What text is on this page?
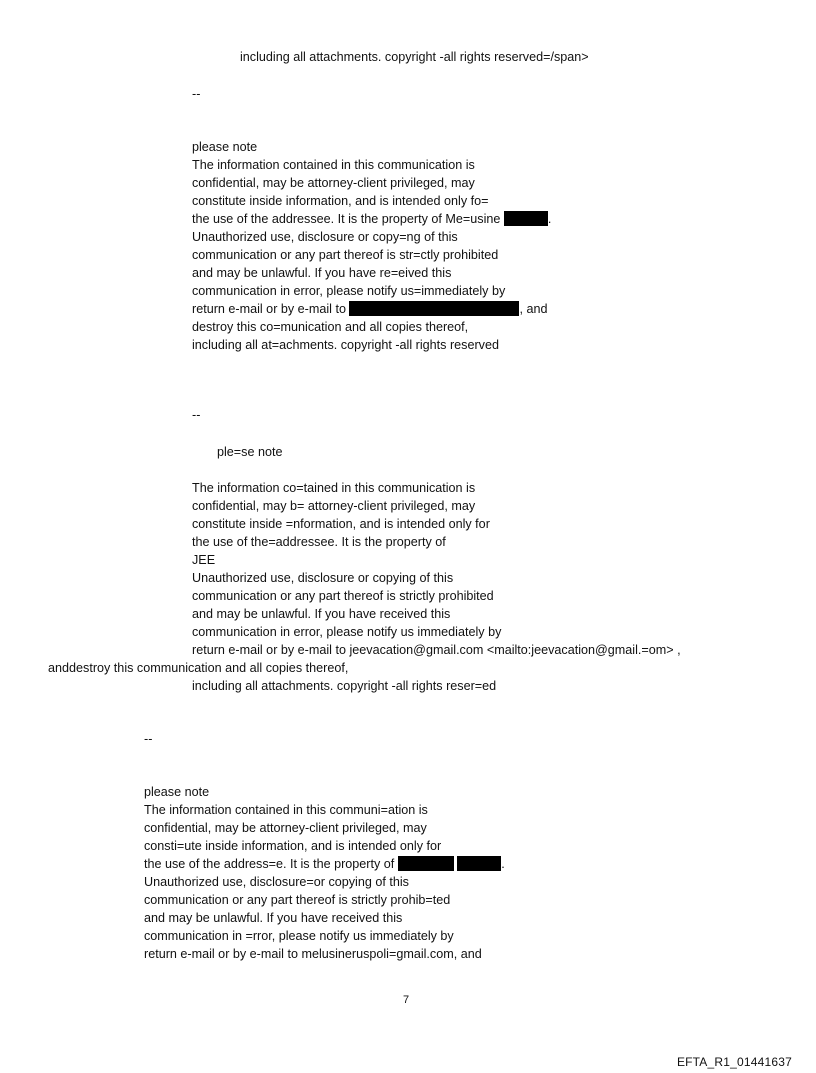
including all attachments. copyright -all rights reserved=/span>

--

please note

The information contained in this communication is

confidential, may be attorney-client privileged, may

constitute inside information, and is intended only fo=

the use of the addressee. It is the property of Me=usine	.

Unauthorized use, disclosure or copy=ng of this

communication or any part thereof is str=ctly prohibited

and may be unlawful. If you have re=eived this

communication in error, please notify us=immediately by

return e-mail or by e-mail to	, and

destroy this co=munication and all copies thereof,

including all at=achments. copyright -all rights reserved

--

ple=se note

The information co=tained in this communication is

confidential, may b= attorney-client privileged, may

constitute inside =nformation, and is intended only for

the use of the=addressee. It is the property of

JEE

Unauthorized use, disclosure or copying of this

communication or any part thereof is strictly prohibited

and may be unlawful. If you have received this

communication in error, please notify us immediately by

return e-mail or by e-mail to jeevacation@gmail.com <mailto:jeevacation@gmail.=om> ,

anddestroy this communication and all copies thereof,

including all attachments. copyright -all rights reser=ed

--

please note

The information contained in this communi=ation is

confidential, may be attorney-client privileged, may

consti=ute inside information, and is intended only for

the use of the address=e. It is the property of	.

Unauthorized use, disclosure=or copying of this

communication or any part thereof is strictly prohib=ted

and may be unlawful. If you have received this

communication in =rror, please notify us immediately by

return e-mail or by e-mail to melusineruspoli=gmail.com, and

7
EFTA_R1_01441637
